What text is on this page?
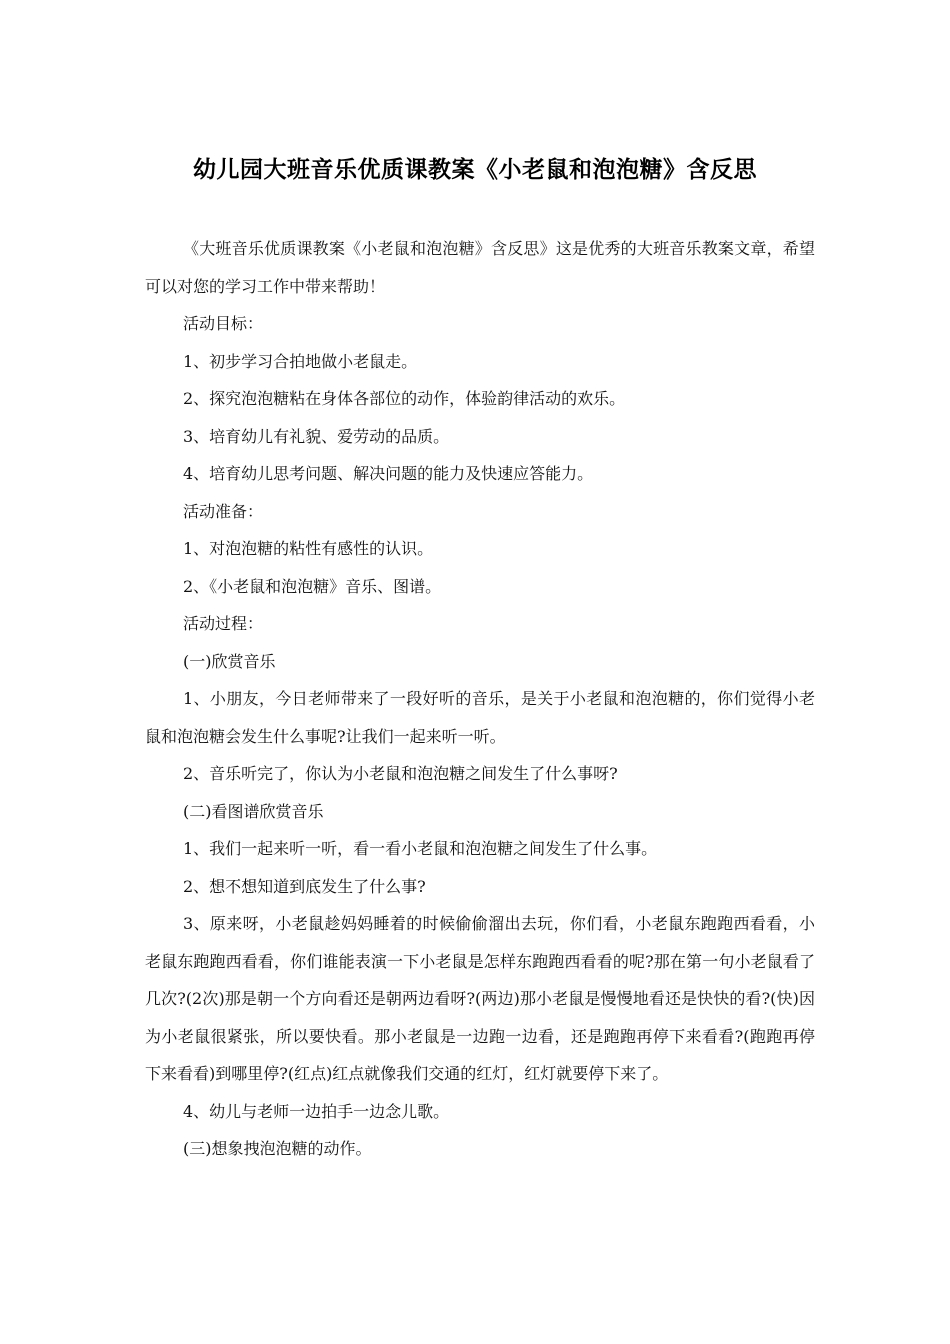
幼儿园大班音乐优质课教案《小老鼠和泡泡糖》含反思

《大班音乐优质课教案《小老鼠和泡泡糖》含反思》这是优秀的大班音乐教案文章，希望可以对您的学习工作中带来帮助！

活动目标：

1、初步学习合拍地做小老鼠走。

2、探究泡泡糖粘在身体各部位的动作，体验韵律活动的欢乐。

3、培育幼儿有礼貌、爱劳动的品质。

4、培育幼儿思考问题、解决问题的能力及快速应答能力。

活动准备：

1、对泡泡糖的粘性有感性的认识。

2、《小老鼠和泡泡糖》音乐、图谱。

活动过程：

(一)欣赏音乐

1、小朋友，今日老师带来了一段好听的音乐，是关于小老鼠和泡泡糖的，你们觉得小老鼠和泡泡糖会发生什么事呢?让我们一起来听一听。

2、音乐听完了，你认为小老鼠和泡泡糖之间发生了什么事呀?

(二)看图谱欣赏音乐

1、我们一起来听一听，看一看小老鼠和泡泡糖之间发生了什么事。

2、想不想知道到底发生了什么事?

3、原来呀，小老鼠趁妈妈睡着的时候偷偷溜出去玩，你们看，小老鼠东跑跑西看看，小老鼠东跑跑西看看，你们谁能表演一下小老鼠是怎样东跑跑西看看的呢?那在第一句小老鼠看了几次?(2次)那是朝一个方向看还是朝两边看呀?(两边)那小老鼠是慢慢地看还是快快的看?(快)因为小老鼠很紧张，所以要快看。那小老鼠是一边跑一边看，还是跑跑再停下来看看?(跑跑再停下来看看)到哪里停?(红点)红点就像我们交通的红灯，红灯就要停下来了。

4、幼儿与老师一边拍手一边念儿歌。

(三)想象拽泡泡糖的动作。
